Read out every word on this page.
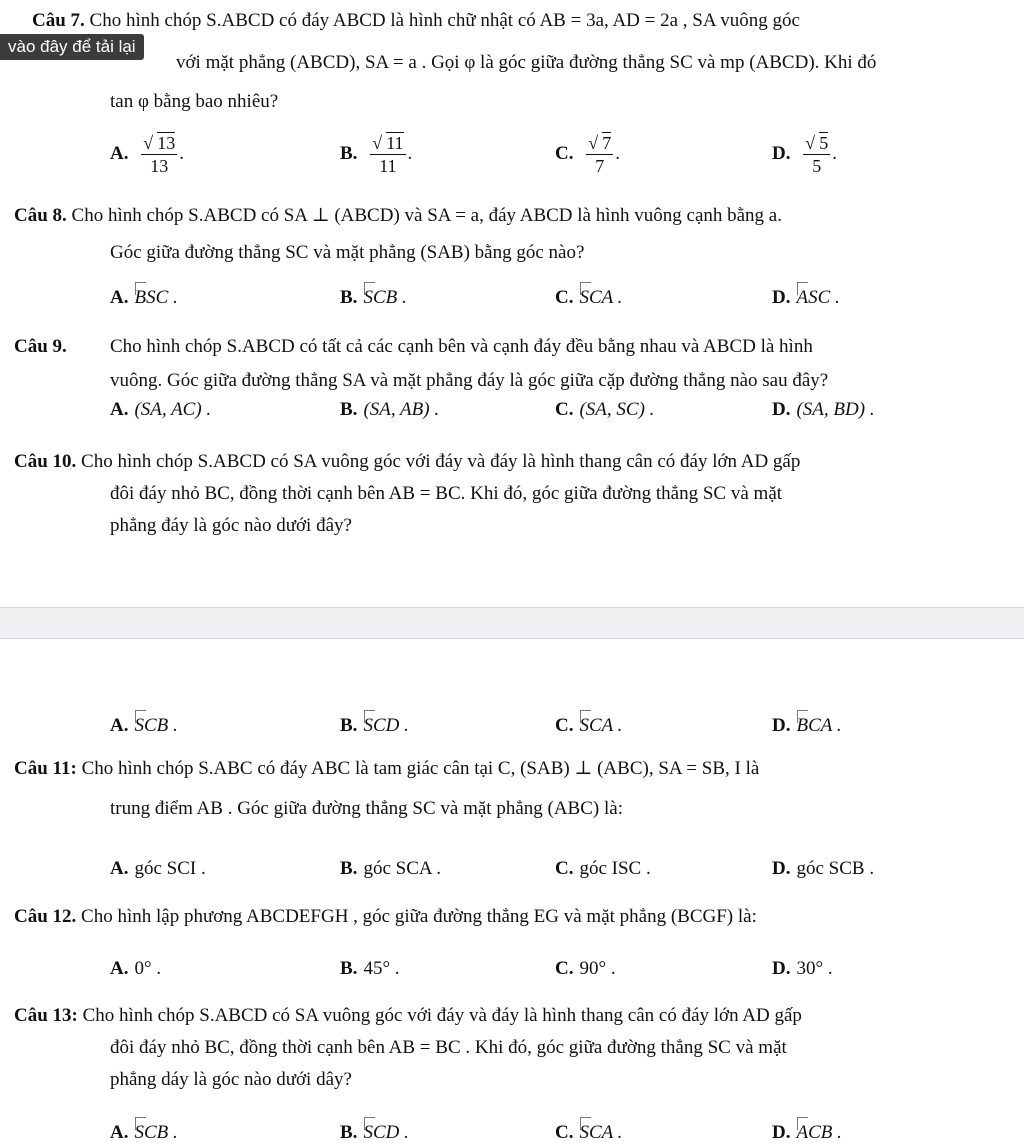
Câu 7. Cho hình chóp S.ABCD có đáy ABCD là hình chữ nhật có AB = 3a, AD = 2a , SA vuông góc
vào đây để tải lại
với mặt phẳng (ABCD), SA = a . Gọi φ là góc giữa đường thẳng SC và mp (ABCD). Khi đó
tan φ bằng bao nhiêu?
A. √ $\frac{13}{13}$ .	B. √ $\frac{11}{11}$ .	C. √ $\frac{7}{7}$ .	D. √ $\frac{5}{5}$ .
Câu 8. Cho hình chóp S.ABCD có SA ⊥ (ABCD) và SA = a, đáy ABCD là hình vuông cạnh bằng a.
Góc giữa đường thẳng SC và mặt phẳng (SAB) bằng góc nào?
A. BSC .	B. SCB .	C. SCA .	D. ASC .
Câu 9. Cho hình chóp S.ABCD có tất cả các cạnh bên và cạnh đáy đều bằng nhau và ABCD là hình
vuông. Góc giữa đường thẳng SA và mặt phẳng đáy là góc giữa cặp đường thẳng nào sau đây?
A. (SA, AC) .	B. (SA, AB) .	C. (SA, SC) .	D. (SA, BD) .
Câu 10. Cho hình chóp S.ABCD có SA vuông góc với đáy và đáy là hình thang cân có đáy lớn AD gấp
đôi đáy nhỏ BC, đồng thời cạnh bên AB = BC. Khi đó, góc giữa đường thẳng SC và mặt
phẳng đáy là góc nào dưới đây?
A. SCB .	B. SCD .	C. SCA .	D. BCA .
Câu 11: Cho hình chóp S.ABC có đáy ABC là tam giác cân tại C, (SAB) ⊥ (ABC), SA = SB, I là
trung điểm AB . Góc giữa đường thẳng SC và mặt phẳng (ABC) là:
A. góc SCI .	B. góc SCA .	C. góc ISC .	D. góc SCB .
Câu 12. Cho hình lập phương ABCDEFGH , góc giữa đường thẳng EG và mặt phẳng (BCGF) là:
A. 0° .	B. 45° .	C. 90° .	D. 30° .
Câu 13: Cho hình chóp S.ABCD có SA vuông góc với đáy và đáy là hình thang cân có đáy lớn AD gấp
đôi đáy nhỏ BC, đồng thời cạnh bên AB = BC . Khi đó, góc giữa đường thẳng SC và mặt
phẳng dáy là góc nào dưới dây?
A. SCB .	B. SCD .	C. SCA .	D. ACB .
